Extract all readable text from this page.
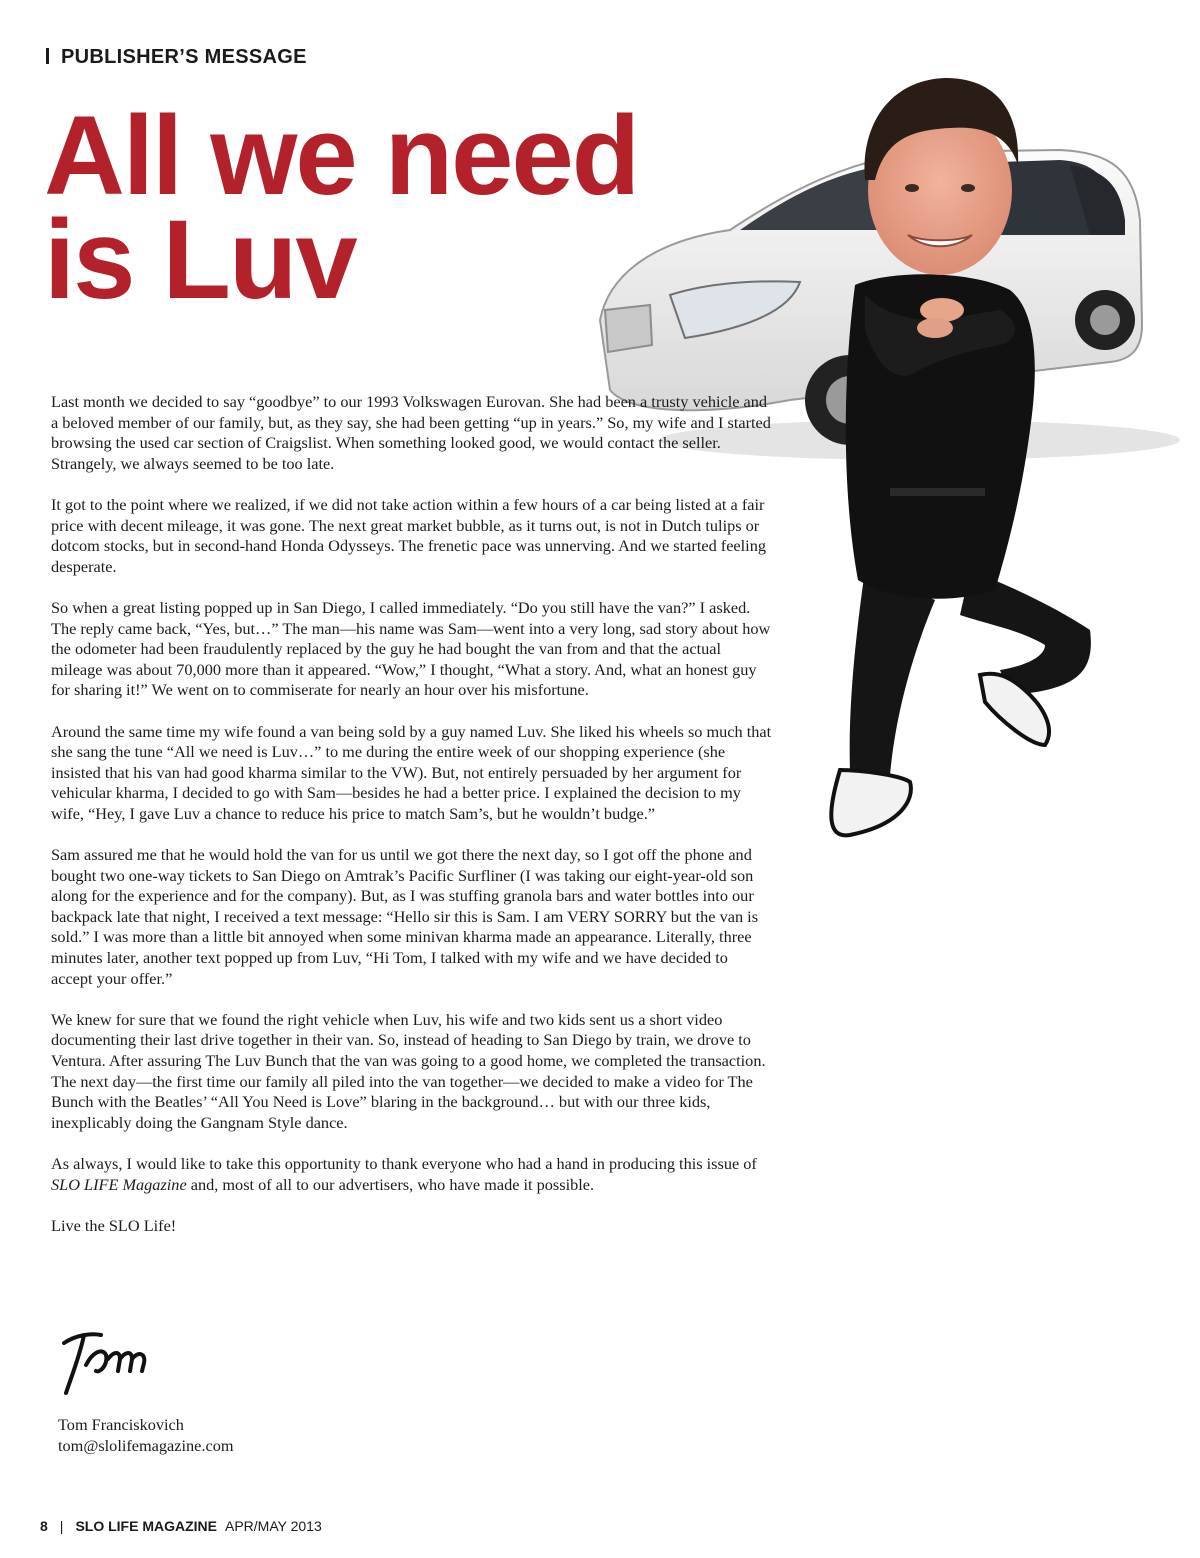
PUBLISHER’S MESSAGE
All we need
is Luv

Last month we decided to say “goodbye” to our 1993 Volkswagen Eurovan. She had been a trusty vehicle and a beloved member of our family, but, as they say, she had been getting “up in years.” So, my wife and I started browsing the used car section of Craigslist. When something looked good, we would contact the seller. Strangely, we always seemed to be too late.

It got to the point where we realized, if we did not take action within a few hours of a car being listed at a fair price with decent mileage, it was gone. The next great market bubble, as it turns out, is not in Dutch tulips or dotcom stocks, but in second-hand Honda Odysseys. The frenetic pace was unnerving. And we started feeling desperate.

So when a great listing popped up in San Diego, I called immediately. “Do you still have the van?” I asked. The reply came back, “Yes, but…” The man—his name was Sam—went into a very long, sad story about how the odometer had been fraudulently replaced by the guy he had bought the van from and that the actual mileage was about 70,000 more than it appeared. “Wow,” I thought, “What a story. And, what an honest guy for sharing it!” We went on to commiserate for nearly an hour over his misfortune.

Around the same time my wife found a van being sold by a guy named Luv. She liked his wheels so much that she sang the tune “All we need is Luv…” to me during the entire week of our shopping experience (she insisted that his van had good kharma similar to the VW). But, not entirely persuaded by her argument for vehicular kharma, I decided to go with Sam—besides he had a better price. I explained the decision to my wife, “Hey, I gave Luv a chance to reduce his price to match Sam’s, but he wouldn’t budge.”

Sam assured me that he would hold the van for us until we got there the next day, so I got off the phone and bought two one-way tickets to San Diego on Amtrak’s Pacific Surfliner (I was taking our eight-year-old son along for the experience and for the company). But, as I was stuffing granola bars and water bottles into our backpack late that night, I received a text message: “Hello sir this is Sam. I am VERY SORRY but the van is sold.” I was more than a little bit annoyed when some minivan kharma made an appearance. Literally, three minutes later, another text popped up from Luv, “Hi Tom, I talked with my wife and we have decided to accept your offer.”

We knew for sure that we found the right vehicle when Luv, his wife and two kids sent us a short video documenting their last drive together in their van. So, instead of heading to San Diego by train, we drove to Ventura. After assuring The Luv Bunch that the van was going to a good home, we completed the transaction. The next day—the first time our family all piled into the van together—we decided to make a video for The Bunch with the Beatles’ “All You Need is Love” blaring in the background… but with our three kids, inexplicably doing the Gangnam Style dance.

As always, I would like to take this opportunity to thank everyone who had a hand in producing this issue of SLO LIFE Magazine and, most of all to our advertisers, who have made it possible.

Live the SLO Life!

Tom Franciskovich
tom@slolifemagazine.com
8 | SLO LIFE MAGAZINE APR/MAY 2013
